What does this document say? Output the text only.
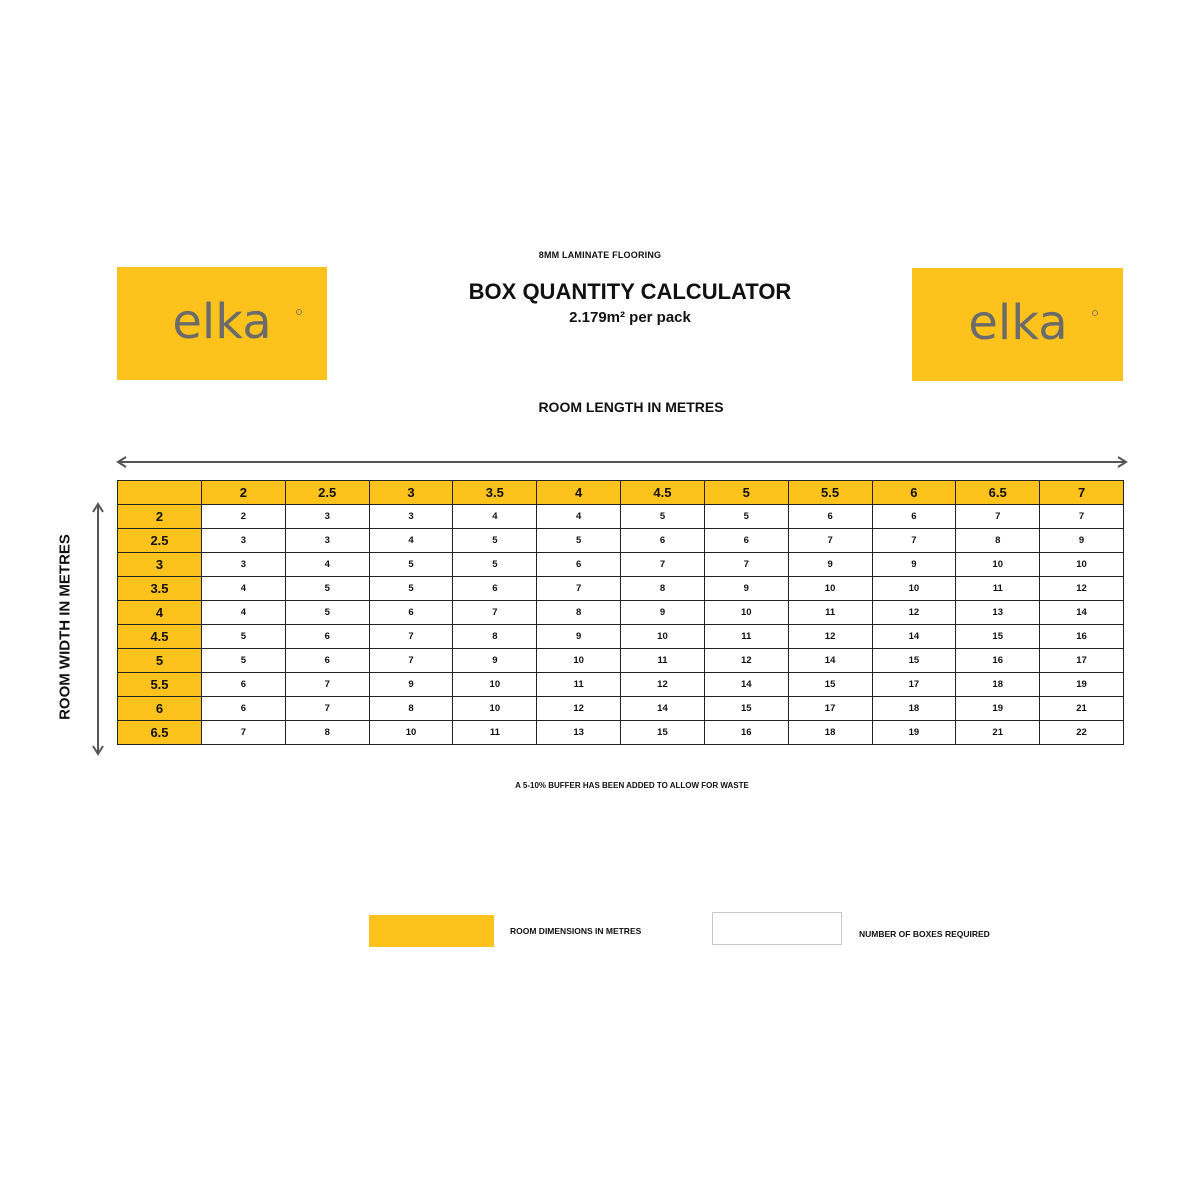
elka	elka
8MM LAMINATE FLOORING
BOX QUANTITY CALCULATOR
2.179m² per pack
ROOM LENGTH IN METRES
ROOM WIDTH IN METRES
	2	2.5	3	3.5	4	4.5	5	5.5	6	6.5	7
2	2	3	3	4	4	5	5	6	6	7	7
2.5	3	3	4	5	5	6	6	7	7	8	9
3	3	4	5	5	6	7	7	9	9	10	10
3.5	4	5	5	6	7	8	9	10	10	11	12
4	4	5	6	7	8	9	10	11	12	13	14
4.5	5	6	7	8	9	10	11	12	14	15	16
5	5	6	7	9	10	11	12	14	15	16	17
5.5	6	7	9	10	11	12	14	15	17	18	19
6	6	7	8	10	12	14	15	17	18	19	21
6.5	7	8	10	11	13	15	16	18	19	21	22
A 5-10% BUFFER HAS BEEN ADDED TO ALLOW FOR WASTE
ROOM DIMENSIONS IN METRES	NUMBER OF BOXES REQUIRED
